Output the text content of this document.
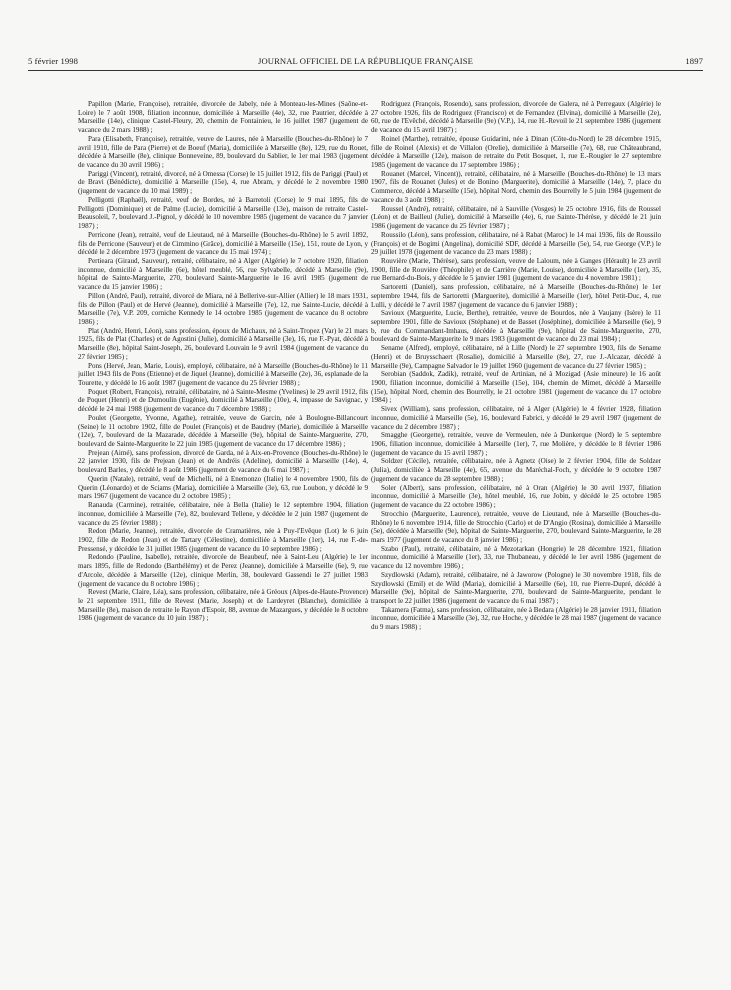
5 février 1998	JOURNAL OFFICIEL DE LA RÉPUBLIQUE FRANÇAISE	1897

Papillon (Marie, Françoise), retraitée, divorcée de Jabely, née à Monteau-les-Mines (Saône-et-Loire) le 7 août 1908, filiation inconnue, domiciliée à Marseille (4e), 32, rue Pautrier, décédée à Marseille (14e), clinique Castel-Fleury, 20, chemin de Fontainieu, le 16 juillet 1987 (jugement de vacance du 2 mars 1988) ;

Para (Elisabeth, Françoise), retraitée, veuve de Laures, née à Marseille (Bouches-du-Rhône) le 7 avril 1910, fille de Para (Pierre) et de Boeuf (Maria), domiciliée à Marseille (8e), 129, rue du Rouet, décédée à Marseille (8e), clinique Bonneveine, 89, boulevard du Sablier, le 1er mai 1983 (jugement de vacance du 30 avril 1986) ;

Pariggi (Vincent), retraité, divorcé, né à Omessa (Corse) le 15 juillet 1912, fils de Pariggi (Paul) et de Bravi (Bénédicte), domicilié à Marseille (15e), 4, rue Abram, y décédé le 2 novembre 1980 (jugement de vacance du 10 mai 1989) ;

Pelligotti (Raphaël), retraité, veuf de Bordes, né à Barretoli (Corse) le 9 mai 1895, fils de Pelligotti (Dominique) et de Palme (Lucie), domicilié à Marseille (13e), maison de retraite Castel-Beausoleil, 7, boulevard J.-Pignol, y décédé le 10 novembre 1985 (jugement de vacance du 7 janvier 1987) ;

Perricone (Jean), retraité, veuf de Lieutaud, né à Marseille (Bouches-du-Rhône) le 5 avril 1892, fils de Perricone (Sauveur) et de Cimmino (Grâce), domicilié à Marseille (15e), 151, route de Lyon, y décédé le 2 décembre 1973 (jugement de vacance du 15 mai 1974) ;

Pertieara (Giraud, Sauveur), retraité, célibataire, né à Alger (Algérie) le 7 octobre 1920, filiation inconnue, domicilié à Marseille (6e), hôtel meublé, 56, rue Sylvabelle, décédé à Marseille (9e), hôpital de Sainte-Marguerite, 270, boulevard Sainte-Marguerite le 16 avril 1985 (jugement de vacance du 15 janvier 1986) ;

Pillon (André, Paul), retraité, divorcé de Miara, né à Bellerive-sur-Allier (Allier) le 18 mars 1931, fils de Pillon (Paul) et de Hervé (Jeanne), domicilié à Marseille (7e), 12, rue Sainte-Lucie, décédé à Marseille (7e), V.P. 209, corniche Kennedy le 14 octobre 1985 (jugement de vacance du 8 octobre 1986) ;

Plat (André, Henri, Léon), sans profession, époux de Michaux, né à Saint-Tropez (Var) le 21 mars 1925, fils de Plat (Charles) et de Agostini (Julie), domicilié à Marseille (3e), 16, rue F.-Pyat, décédé à Marseille (8e), hôpital Saint-Joseph, 26, boulevard Louvain le 9 avril 1984 (jugement de vacance du 27 février 1985) ;

Pons (Hervé, Jean, Marie, Louis), employé, célibataire, né à Marseille (Bouches-du-Rhône) le 11 juillet 1943 fils de Pons (Etienne) et de Jiquel (Jeanne), domicilié à Marseille (2e), 36, esplanade de la Tourette, y décédé le 16 août 1987 (jugement de vacance du 25 février 1988) ;

Poquet (Robert, François), retraité, célibataire, né à Sainte-Mesme (Yvelines) le 29 avril 1912, fils de Poquet (Henri) et de Dumoulin (Eugénie), domicilié à Marseille (10e), 4, impasse de Savignac, y décédé le 24 mai 1988 (jugement de vacance du 7 décembre 1988) ;

Poulet (Georgette, Yvonne, Agathe), retraitée, veuve de Garcin, née à Boulogne-Billancourt (Seine) le 11 octobre 1902, fille de Poulet (François) et de Baudrey (Marie), domiciliée à Marseille (12e), 7, boulevard de la Mazarade, décédée à Marseille (9e), hôpital de Sainte-Marguerite, 270, boulevard de Sainte-Marguerite le 22 juin 1985 (jugement de vacance du 17 décembre 1986) ;

Prejean (Aimé), sans profession, divorcé de Garda, né à Aix-en-Provence (Bouches-du-Rhône) le 22 janvier 1930, fils de Prejean (Jean) et de Andréis (Adeline), domicilié à Marseille (14e), 4, boulevard Barles, y décédé le 8 août 1986 (jugement de vacance du 6 mai 1987) ;

Querin (Natale), retraité, veuf de Michelli, né à Enemonzo (Italie) le 4 novembre 1900, fils de Querin (Léonardo) et de Sciams (Maria), domiciliée à Marseille (3e), 63, rue Loubon, y décédé le 9 mars 1967 (jugement de vacance du 2 octobre 1985) ;

Ranauda (Carmine), retraitée, célibataire, née à Bella (Italie) le 12 septembre 1904, filiation inconnue, domiciliée à Marseille (7e), 82, boulevard Tellene, y décédée le 2 juin 1987 (jugement de vacance du 25 février 1988) ;

Redon (Marie, Jeanne), retraitée, divorcée de Cramatières, née à Puy-l'Evêque (Lot) le 6 juin 1902, fille de Redon (Jean) et de Tartary (Célestine), domiciliée à Marseille (1er), 14, rue F.-de-Pressensé, y décédée le 31 juillet 1985 (jugement de vacance du 10 septembre 1986) ;

Redondo (Pauline, Isabelle), retraitée, divorcée de Beaubeuf, née à Saint-Leu (Algérie) le 1er mars 1895, fille de Redondo (Barthélémy) et de Perez (Jeanne), domiciliée à Marseille (6e), 9, rue d'Arcole, décédée à Marseille (12e), clinique Merlin, 38, boulevard Gassendi le 27 juillet 1983 (jugement de vacance du 8 octobre 1986) ;

Revest (Marie, Claire, Léa), sans profession, célibataire, née à Gréoux (Alpes-de-Haute-Provence) le 21 septembre 1911, fille de Revest (Marie, Joseph) et de Lardeyret (Blanche), domiciliée à Marseille (8e), maison de retraite le Rayon d'Espoir, 88, avenue de Mazargues, y décédée le 8 octobre 1986 (jugement de vacance du 10 juin 1987) ;

Rodriguez (François, Rosendo), sans profession, divorcée de Galera, né à Perregaux (Algérie) le 27 octobre 1926, fils de Rodriguez (Francisco) et de Fernandez (Elvina), domicilié à Marseille (2e), 60, rue de l'Evêché, décédé à Marseille (9e) (V.P.), 14, rue H.-Revoil le 21 septembre 1986 (jugement de vacance du 15 avril 1987) ;

Roinel (Marthe), retraitée, épouse Guidarini, née à Dinan (Côte-du-Nord) le 28 décembre 1915, fille de Roinel (Alexis) et de Villalon (Orelie), domiciliée à Marseille (7e), 68, rue Châteaubrand, décédée à Marseille (12e), maison de retraite du Petit Bosquet, 1, rue E.-Rougier le 27 septembre 1985 (jugement de vacance du 17 septembre 1986) ;

Rouanet (Marcel, Vincent)), retraité, célibataire, né à Marseille (Bouches-du-Rhône) le 13 mars 1907, fils de Rouanet (Jules) et de Bonino (Marguerite), domicilié à Marseille (14e), 7, place du Commerce, décédé à Marseille (15e), hôpital Nord, chemin des Bourrelly le 5 juin 1984 (jugement de vacance du 3 août 1988) ;

Roussel (André), retraité, célibataire, né à Sauville (Vosges) le 25 octobre 1916, fils de Roussel (Léon) et de Bailleul (Julie), domicilié à Marseille (4e), 6, rue Sainte-Thérèse, y décédé le 21 juin 1986 (jugement de vacance du 25 février 1987) ;

Roussilo (Léon), sans profession, célibataire, né à Rabat (Maroc) le 14 mai 1936, fils de Roussilo (François) et de Bogimi (Angelina), domicilié SDF, décédé à Marseille (5e), 54, rue George (V.P.) le 29 juillet 1978 (jugement de vacance du 23 mars 1988) ;

Rouvière (Marie, Thérèse), sans profession, veuve de Laloum, née à Ganges (Hérault) le 23 avril 1900, fille de Rouvière (Théophile) et de Carrière (Marie, Louise), domiciliée à Marseille (1er), 35, rue Bernard-du-Bois, y décédée le 5 janvier 1981 (jugement de vacance du 4 novembre 1981) ;

Sartoretti (Daniel), sans profession, célibataire, né à Marseille (Bouches-du-Rhône) le 1er septembre 1944, fils de Sartoretti (Marguerite), domicilié à Marseille (1er), hôtel Petit-Duc, 4, rue Lulli, y décédé le 7 avril 1987 (jugement de vacance du 6 janvier 1988) ;

Savioux (Marguerite, Lucie, Berthe), retraitée, veuve de Bourdos, née à Vaujany (Isère) le 11 septembre 1901, fille de Savioux (Stéphane) et de Basset (Joséphine), domiciliée à Marseille (6e), 9 b, rue du Commandant-Imhaus, décédée à Marseille (9e), hôpital de Sainte-Marguerite, 270, boulevard de Sainte-Marguerite le 9 mars 1983 (jugement de vacance du 23 mai 1984) ;

Sename (Alfred), employé, célibataire, né à Lille (Nord) le 27 septembre 1903, fils de Sename (Henri) et de Bruysschaert (Rosalie), domicilié à Marseille (8e), 27, rue J.-Alcazar, décédé à Marseille (9e), Campagne Salvador le 19 juillet 1960 (jugement de vacance du 27 février 1985) ;

Serobian (Saddok, Zadik), retraité, veuf de Artinian, né à Mozigad (Asie mineure) le 16 août 1900, filiation inconnue, domicilié à Marseille (15e), 104, chemin de Mimet, décédé à Marseille (15e), hôpital Nord, chemin des Bourrelly, le 21 octobre 1981 (jugement de vacance du 17 octobre 1984) ;

Sivex (William), sans profession, célibataire, né à Alger (Algérie) le 4 février 1928, filiation inconnue, domicilié à Marseille (5e), 16, boulevard Fabrici, y décédé le 29 avril 1987 (jugement de vacance du 2 décembre 1987) ;

Smagghe (Georgette), retraitée, veuve de Vermeulen, née à Dunkerque (Nord) le 5 septembre 1906, filiation inconnue, domiciliée à Marseille (1er), 7, rue Molière, y décédée le 8 février 1986 (jugement de vacance du 15 avril 1987) ;

Soldzer (Cécile), retraitée, célibataire, née à Agnetz (Oise) le 2 février 1904, fille de Soldzer (Julia), domiciliée à Marseille (4e), 65, avenue du Maréchal-Foch, y décédée le 9 octobre 1987 (jugement de vacance du 28 septembre 1988) ;

Soler (Albert), sans profession, célibataire, né à Oran (Algérie) le 30 avril 1937, filiation inconnue, domicilié à Marseille (3e), hôtel meublé, 16, rue Jobin, y décédé le 25 octobre 1985 (jugement de vacance du 22 octobre 1986) ;

Strocchio (Marguerite, Laurence), retraitée, veuve de Lieutaud, née à Marseille (Bouches-du-Rhône) le 6 novembre 1914, fille de Strocchio (Carlo) et de D'Angio (Rosina), domiciliée à Marseille (5e), décédée à Marseille (9e), hôpital de Sainte-Marguerite, 270, boulevard Sainte-Marguerite, le 28 mars 1977 (jugement de vacance du 8 janvier 1986) ;

Szabo (Paul), retraité, célibataire, né à Mezotarkan (Hongrie) le 28 décembre 1921, filiation inconnue, domicilié à Marseille (1er), 33, rue Thubaneau, y décédé le 1er avril 1986 (jugement de vacance du 12 novembre 1986) ;

Szydlowski (Adam), retraité, célibataire, né à Jaworow (Pologne) le 30 novembre 1918, fils de Szydlowski (Emil) et de Wild (Maria), domicilié à Marseille (6e), 10, rue Pierre-Dupré, décédé à Marseille (9e), hôpital de Sainte-Marguerite, 270, boulevard de Sainte-Marguerite, pendant le transport le 22 juillet 1986 (jugement de vacance du 6 mai 1987) ;

Takamera (Fatma), sans profession, célibataire, née à Bedara (Algérie) le 28 janvier 1911, filiation inconnue, domiciliée à Marseille (3e), 32, rue Hoche, y décédée le 28 mai 1987 (jugement de vacance du 9 mars 1988) ;
